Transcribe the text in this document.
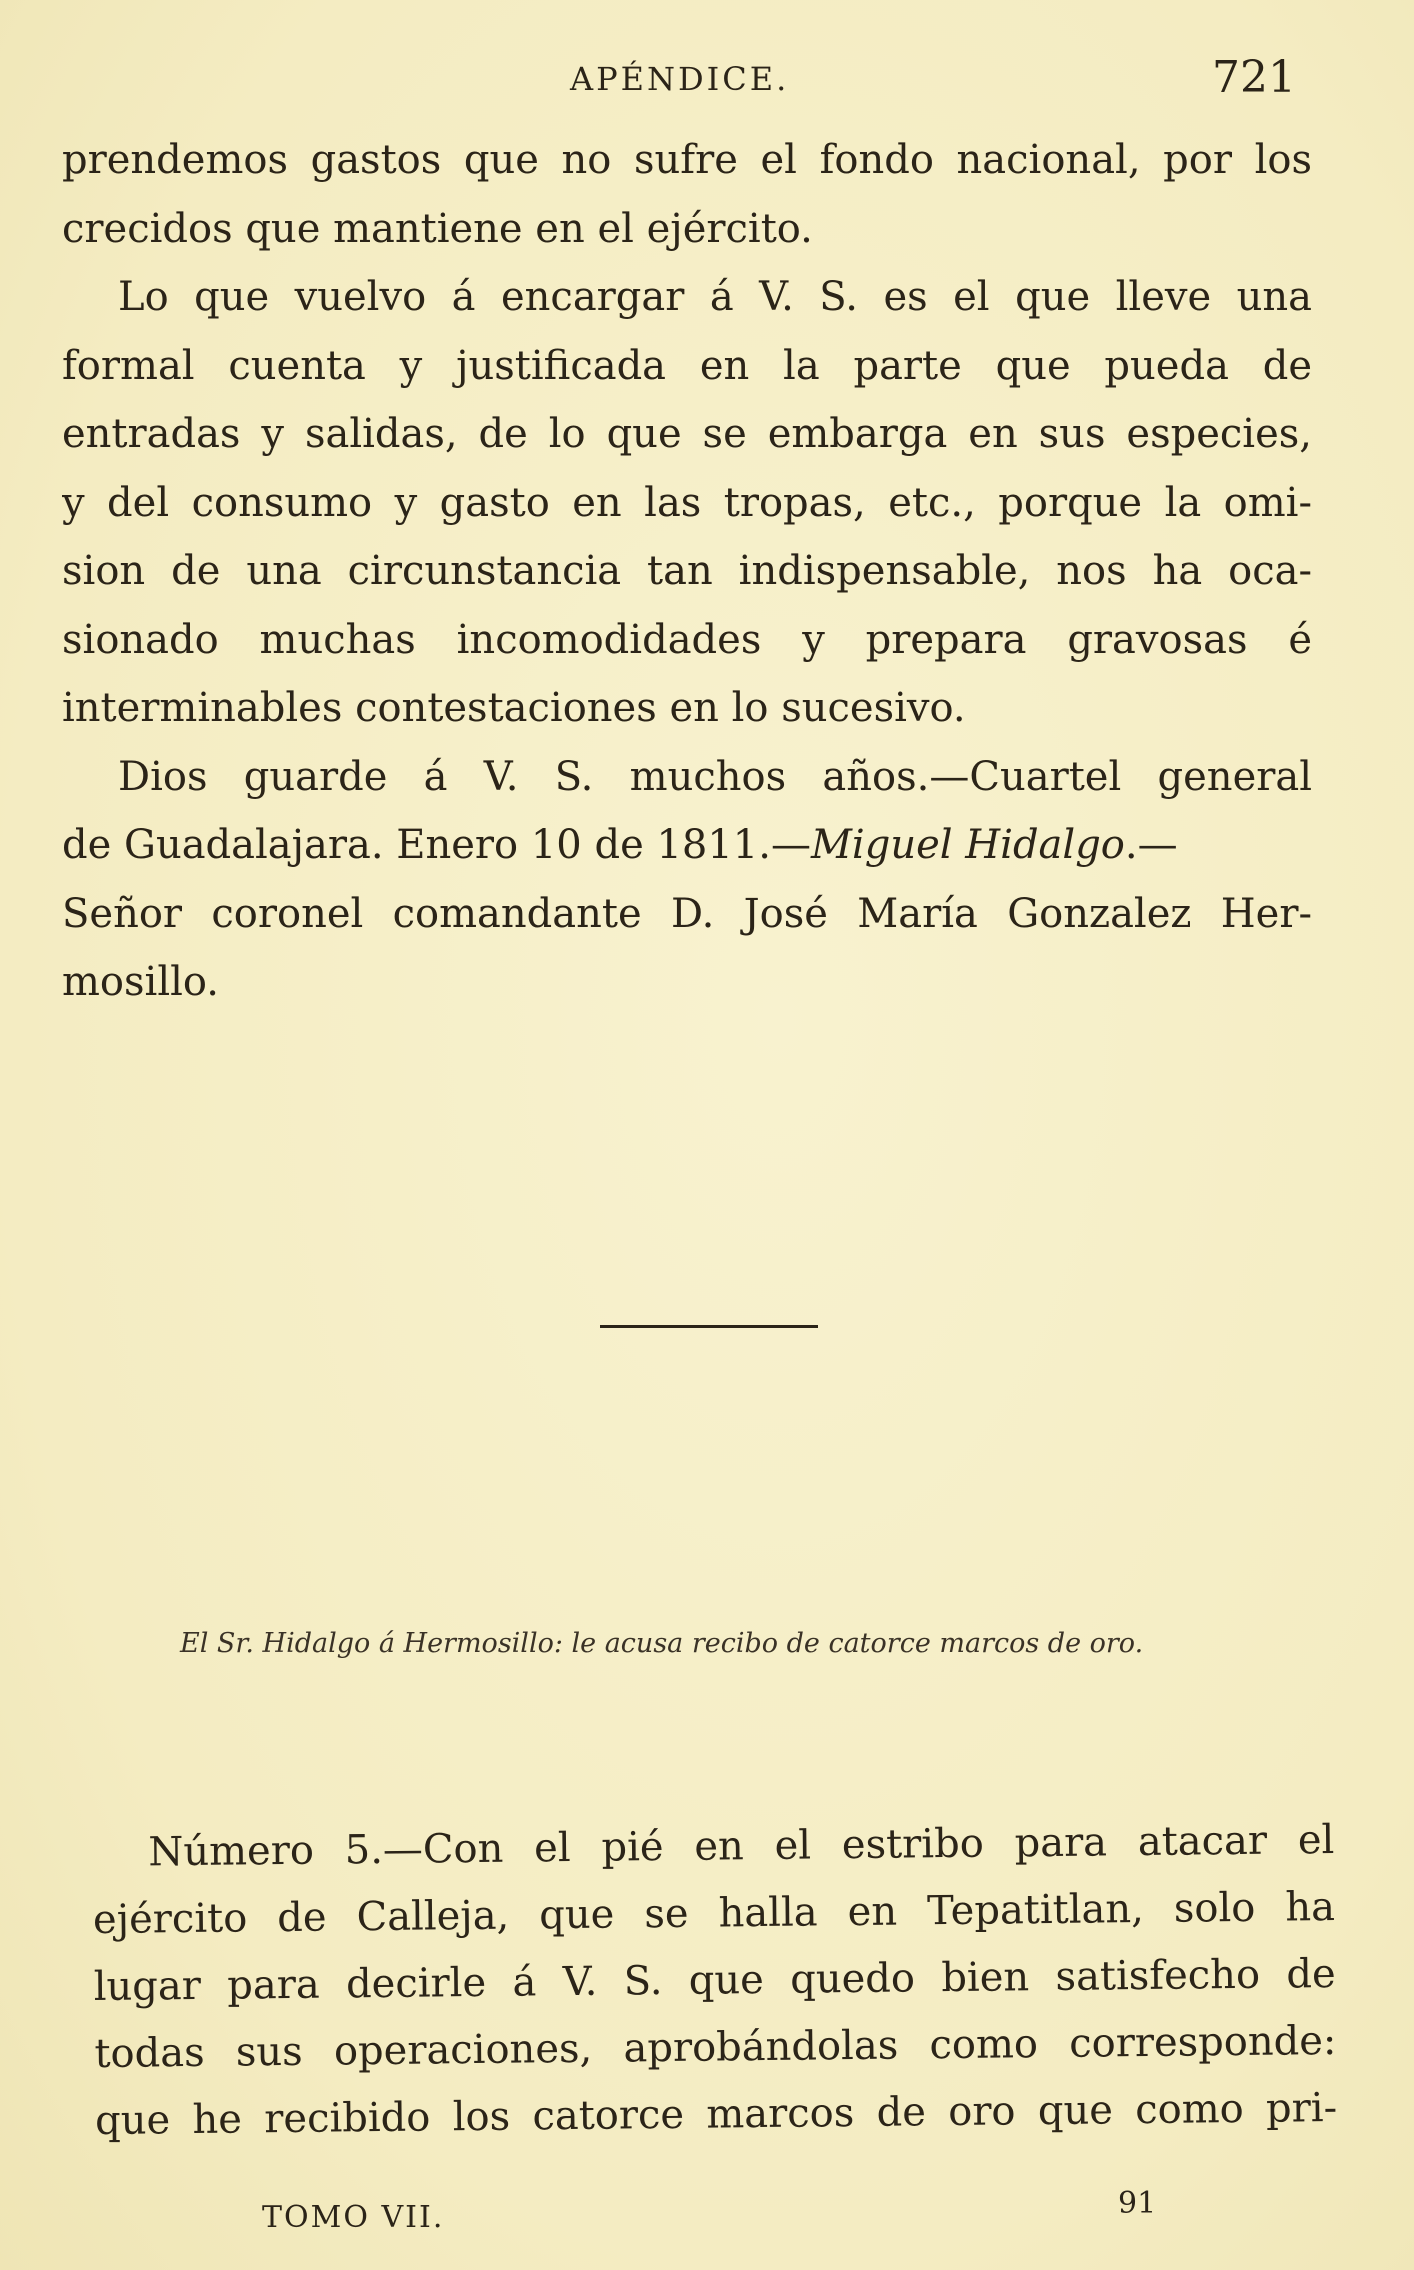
APÉNDICE.	721
prendemos gastos que no sufre el fondo nacional, por los
crecidos que mantiene en el ejército.
Lo que vuelvo á encargar á V. S. es el que lleve una
formal cuenta y justificada en la parte que pueda de
entradas y salidas, de lo que se embarga en sus especies,
y del consumo y gasto en las tropas, etc., porque la omi-
sion de una circunstancia tan indispensable, nos ha oca-
sionado muchas incomodidades y prepara gravosas é
interminables contestaciones en lo sucesivo.
Dios guarde á V. S. muchos años.—Cuartel general
de Guadalajara. Enero 10 de 1811.—Miguel Hidalgo.—
Señor coronel comandante D. José María Gonzalez Her-
mosillo.
El Sr. Hidalgo á Hermosillo: le acusa recibo de catorce marcos de oro.
Número 5.—Con el pié en el estribo para atacar el
ejército de Calleja, que se halla en Tepatitlan, solo ha
lugar para decirle á V. S. que quedo bien satisfecho de
todas sus operaciones, aprobándolas como corresponde:
que he recibido los catorce marcos de oro que como pri-
TOMO VII.	91
